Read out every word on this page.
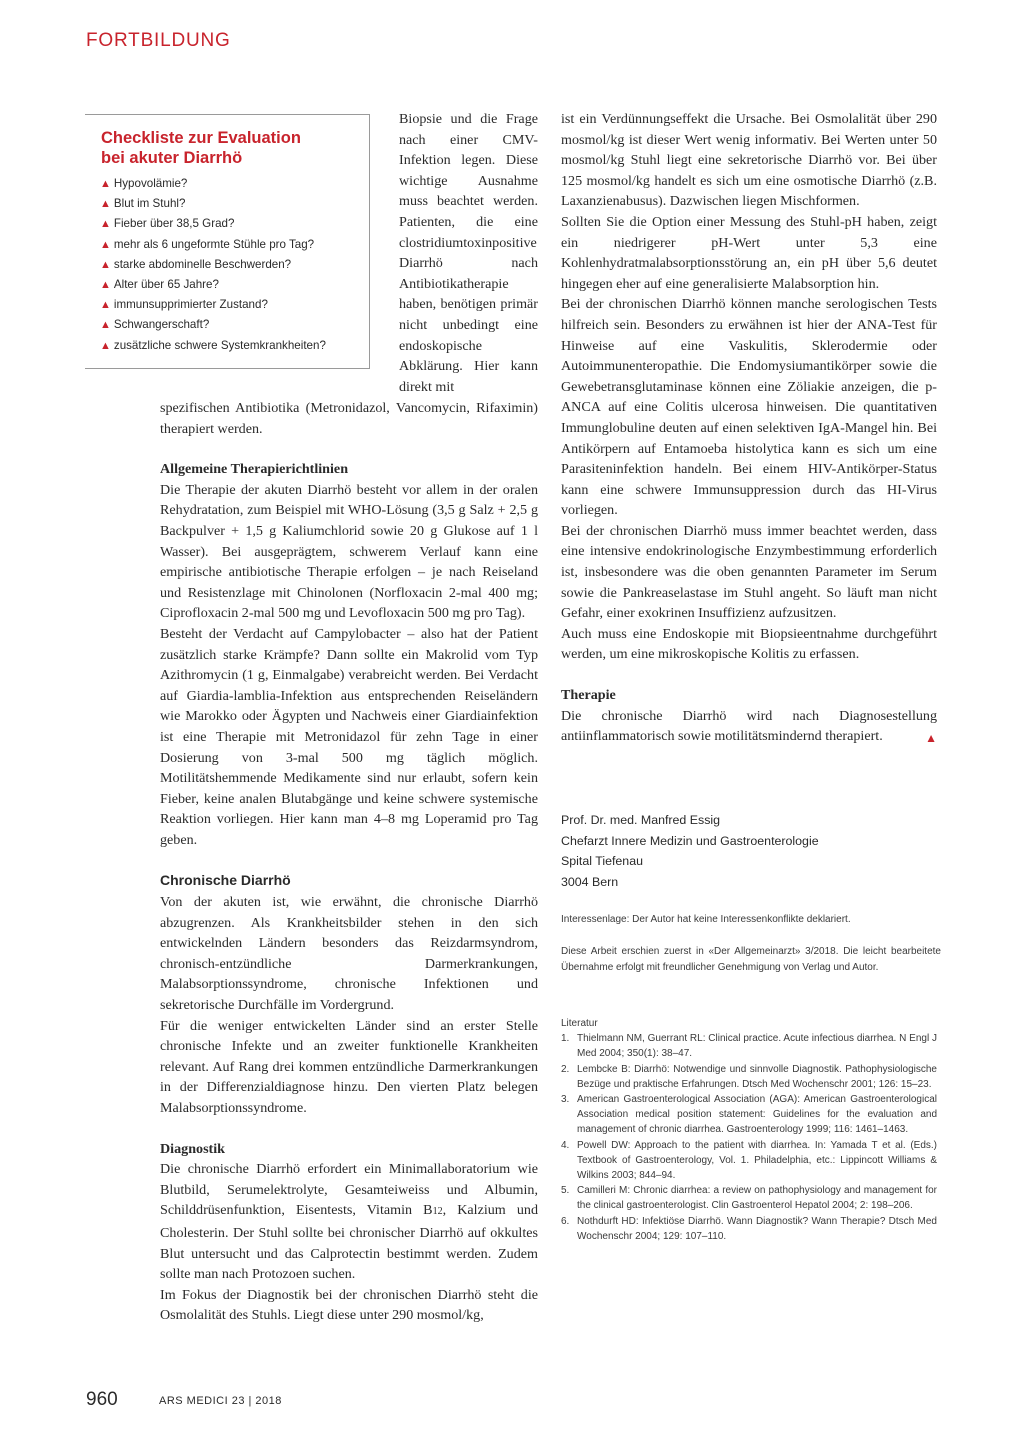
FORTBILDUNG
Checkliste zur Evaluation
bei akuter Diarrhö
▲ Hypovolämie?
▲ Blut im Stuhl?
▲ Fieber über 38,5 Grad?
▲ mehr als 6 ungeformte Stühle pro Tag?
▲ starke abdominelle Beschwerden?
▲ Alter über 65 Jahre?
▲ immunsupprimierter Zustand?
▲ Schwangerschaft?
▲ zusätzliche schwere Systemkrankheiten?

Biopsie und die Frage nach einer CMV-Infektion legen. Diese wichtige Ausnahme muss beachtet werden. Patienten, die eine clostridiumtoxinpositive Diarrhö nach Antibiotikatherapie haben, benötigen primär nicht unbedingt eine endoskopische Abklärung. Hier kann direkt mit

spezifischen Antibiotika (Metronidazol, Vancomycin, Rifaximin) therapiert werden.

Allgemeine Therapierichtlinien

Die Therapie der akuten Diarrhö besteht vor allem in der oralen Rehydratation, zum Beispiel mit WHO-Lösung (3,5 g Salz + 2,5 g Backpulver + 1,5 g Kaliumchlorid sowie 20 g Glukose auf 1 l Wasser). Bei ausgeprägtem, schwerem Verlauf kann eine empirische antibiotische Therapie erfolgen – je nach Reiseland und Resistenzlage mit Chinolonen (Norfloxacin 2-mal 400 mg; Ciprofloxacin 2-mal 500 mg und Levofloxacin 500 mg pro Tag).

Besteht der Verdacht auf Campylobacter – also hat der Patient zusätzlich starke Krämpfe? Dann sollte ein Makrolid vom Typ Azithromycin (1 g, Einmalgabe) verabreicht werden. Bei Verdacht auf Giardia-lamblia-Infektion aus entsprechenden Reiseländern wie Marokko oder Ägypten und Nachweis einer Giardiainfektion ist eine Therapie mit Metronidazol für zehn Tage in einer Dosierung von 3-mal 500 mg täglich möglich. Motilitätshemmende Medikamente sind nur erlaubt, sofern kein Fieber, keine analen Blutabgänge und keine schwere systemische Reaktion vorliegen. Hier kann man 4–8 mg Loperamid pro Tag geben.

Chronische Diarrhö

Von der akuten ist, wie erwähnt, die chronische Diarrhö abzugrenzen. Als Krankheitsbilder stehen in den sich entwickelnden Ländern besonders das Reizdarmsyndrom, chronisch-entzündliche Darmerkrankungen, Malabsorptionssyndrome, chronische Infektionen und sekretorische Durchfälle im Vordergrund.

Für die weniger entwickelten Länder sind an erster Stelle chronische Infekte und an zweiter funktionelle Krankheiten relevant. Auf Rang drei kommen entzündliche Darmerkrankungen in der Differenzialdiagnose hinzu. Den vierten Platz belegen Malabsorptionssyndrome.

Diagnostik

Die chronische Diarrhö erfordert ein Minimallaboratorium wie Blutbild, Serumelektrolyte, Gesamteiweiss und Albumin, Schilddrüsenfunktion, Eisentests, Vitamin B12, Kalzium und Cholesterin. Der Stuhl sollte bei chronischer Diarrhö auf okkultes Blut untersucht und das Calprotectin bestimmt werden. Zudem sollte man nach Protozoen suchen.

Im Fokus der Diagnostik bei der chronischen Diarrhö steht die Osmolalität des Stuhls. Liegt diese unter 290 mosmol/kg,

ist ein Verdünnungseffekt die Ursache. Bei Osmolalität über 290 mosmol/kg ist dieser Wert wenig informativ. Bei Werten unter 50 mosmol/kg Stuhl liegt eine sekretorische Diarrhö vor. Bei über 125 mosmol/kg handelt es sich um eine osmotische Diarrhö (z.B. Laxanzienabusus). Dazwischen liegen Mischformen.

Sollten Sie die Option einer Messung des Stuhl-pH haben, zeigt ein niedrigerer pH-Wert unter 5,3 eine Kohlenhydratmalabsorptionsstörung an, ein pH über 5,6 deutet hingegen eher auf eine generalisierte Malabsorption hin.

Bei der chronischen Diarrhö können manche serologischen Tests hilfreich sein. Besonders zu erwähnen ist hier der ANA-Test für Hinweise auf eine Vaskulitis, Sklerodermie oder Autoimmunenteropathie. Die Endomysiumantikörper sowie die Gewebetransglutaminase können eine Zöliakie anzeigen, die p-ANCA auf eine Colitis ulcerosa hinweisen. Die quantitativen Immunglobuline deuten auf einen selektiven IgA-Mangel hin. Bei Antikörpern auf Entamoeba histolytica kann es sich um eine Parasiteninfektion handeln. Bei einem HIV-Antikörper-Status kann eine schwere Immunsuppression durch das HI-Virus vorliegen.

Bei der chronischen Diarrhö muss immer beachtet werden, dass eine intensive endokrinologische Enzymbestimmung erforderlich ist, insbesondere was die oben genannten Parameter im Serum sowie die Pankreaselastase im Stuhl angeht. So läuft man nicht Gefahr, einer exokrinen Insuffizienz aufzusitzen.

Auch muss eine Endoskopie mit Biopsieentnahme durchgeführt werden, um eine mikroskopische Kolitis zu erfassen.

Therapie

Die chronische Diarrhö wird nach Diagnosestellung antiinflammatorisch sowie motilitätsmindernd therapiert.	▲

Prof. Dr. med. Manfred Essig
Chefarzt Innere Medizin und Gastroenterologie
Spital Tiefenau
3004 Bern
Interessenlage: Der Autor hat keine Interessenkonflikte deklariert.
Diese Arbeit erschien zuerst in «Der Allgemeinarzt» 3/2018. Die leicht bearbeitete Übernahme erfolgt mit freundlicher Genehmigung von Verlag und Autor.
Literatur
1. Thielmann NM, Guerrant RL: Clinical practice. Acute infectious diarrhea. N Engl J Med 2004; 350(1): 38–47.
2. Lembcke B: Diarrhö: Notwendige und sinnvolle Diagnostik. Pathophysiologische Bezüge und praktische Erfahrungen. Dtsch Med Wochenschr 2001; 126: 15–23.
3. American Gastroenterological Association (AGA): American Gastroenterological Association medical position statement: Guidelines for the evaluation and management of chronic diarrhea. Gastroenterology 1999; 116: 1461–1463.
4. Powell DW: Approach to the patient with diarrhea. In: Yamada T et al. (Eds.) Textbook of Gastroenterology, Vol. 1. Philadelphia, etc.: Lippincott Williams & Wilkins 2003; 844–94.
5. Camilleri M: Chronic diarrhea: a review on pathophysiology and management for the clinical gastroenterologist. Clin Gastroenterol Hepatol 2004; 2: 198–206.
6. Nothdurft HD: Infektiöse Diarrhö. Wann Diagnostik? Wann Therapie? Dtsch Med Wochenschr 2004; 129: 107–110.
960	ARS MEDICI 23 | 2018
